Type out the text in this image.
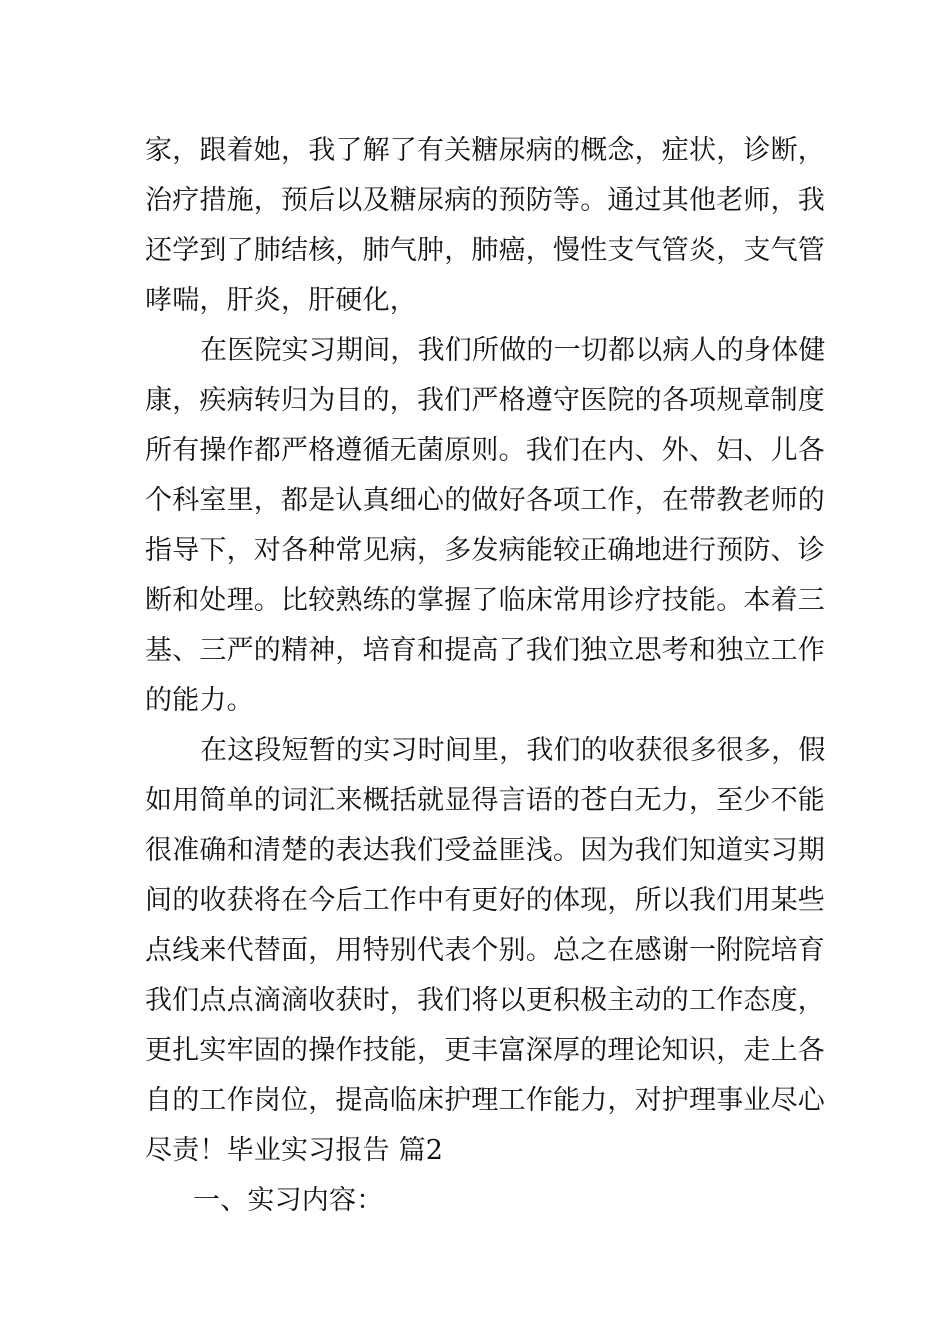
家，跟着她，我了解了有关糖尿病的概念，症状，诊断，
治疗措施，预后以及糖尿病的预防等。通过其他老师，我
还学到了肺结核，肺气肿，肺癌，慢性支气管炎，支气管
哮喘，肝炎，肝硬化，
在医院实习期间，我们所做的一切都以病人的身体健
康，疾病转归为目的，我们严格遵守医院的各项规章制度
所有操作都严格遵循无菌原则。我们在内、外、妇、儿各
个科室里，都是认真细心的做好各项工作，在带教老师的
指导下，对各种常见病，多发病能较正确地进行预防、诊
断和处理。比较熟练的掌握了临床常用诊疗技能。本着三
基、三严的精神，培育和提高了我们独立思考和独立工作
的能力。
在这段短暂的实习时间里，我们的收获很多很多，假
如用简单的词汇来概括就显得言语的苍白无力，至少不能
很准确和清楚的表达我们受益匪浅。因为我们知道实习期
间的收获将在今后工作中有更好的体现，所以我们用某些
点线来代替面，用特别代表个别。总之在感谢一附院培育
我们点点滴滴收获时，我们将以更积极主动的工作态度，
更扎实牢固的操作技能，更丰富深厚的理论知识，走上各
自的工作岗位，提高临床护理工作能力，对护理事业尽心
尽责！毕业实习报告 篇2
一、实习内容：
